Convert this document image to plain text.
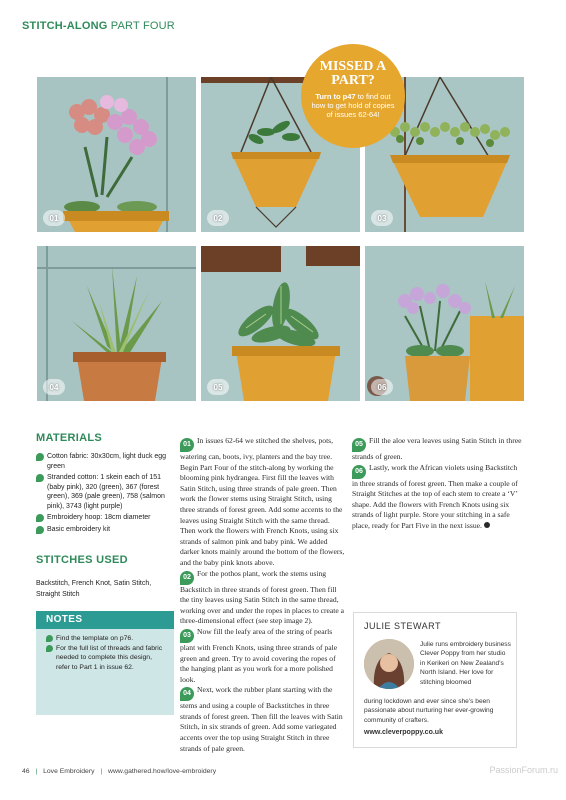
STITCH-ALONG PART FOUR
01	02	03
04	05	06
MISSED A PART?
Turn to p47 to find out how to get hold of copies of issues 62-64!
MATERIALS
Cotton fabric: 30x30cm, light duck egg green
Stranded cotton: 1 skein each of 151 (baby pink), 320 (green), 367 (forest green), 369 (pale green), 758 (salmon pink), 3743 (light purple)
Embroidery hoop: 18cm diameter
Basic embroidery kit
STITCHES USED
Backstitch, French Knot, Satin Stitch, Straight Stitch
NOTES

Find the template on p76.

For the full list of threads and fabric needed to complete this design, refer to Part 1 in issue 62.

01 In issues 62-64 we stitched the shelves, pots, watering can, boots, ivy, planters and the bay tree. Begin Part Four of the stitch-along by working the blooming pink hydrangea. First fill the leaves with Satin Stitch, using three strands of pale green. Then work the flower stems using Straight Stitch, using three strands of forest green. Add some accents to the leaves using Straight Stitch with the same thread. Then work the flowers with French Knots, using six strands of salmon pink and baby pink. We added darker knots mainly around the bottom of the flowers, and the baby pink knots above.

02 For the pothos plant, work the stems using Backstitch in three strands of forest green. Then fill the tiny leaves using Satin Stitch in the same thread, working over and under the ropes in places to create a three-dimensional effect (see step image 2).

03 Now fill the leafy area of the string of pearls plant with French Knots, using three strands of pale green and green. Try to avoid covering the ropes of the hanging plant as you work for a more polished look.

04 Next, work the rubber plant starting with the stems and using a couple of Backstitches in three strands of forest green. Then fill the leaves with Satin Stitch, in six strands of green. Add some variegated accents over the top using Straight Stitch in three strands of pale green.

05 Fill the aloe vera leaves using Satin Stitch in three strands of green.

06 Lastly, work the African violets using Backstitch in three strands of forest green. Then make a couple of Straight Stitches at the top of each stem to create a ‘V’ shape. Add the flowers with French Knots using six strands of light purple. Store your stitching in a safe place, ready for Part Five in the next issue.

JULIE STEWART
Julie runs embroidery business Clever Poppy from her studio in Kerikeri on New Zealand’s North Island. Her love for stitching bloomed
during lockdown and ever since she’s been passionate about nurturing her ever-growing community of crafters.
www.cleverpoppy.co.uk
46 | Love Embroidery | www.gathered.how/love-embroidery	PassionForum.ru
